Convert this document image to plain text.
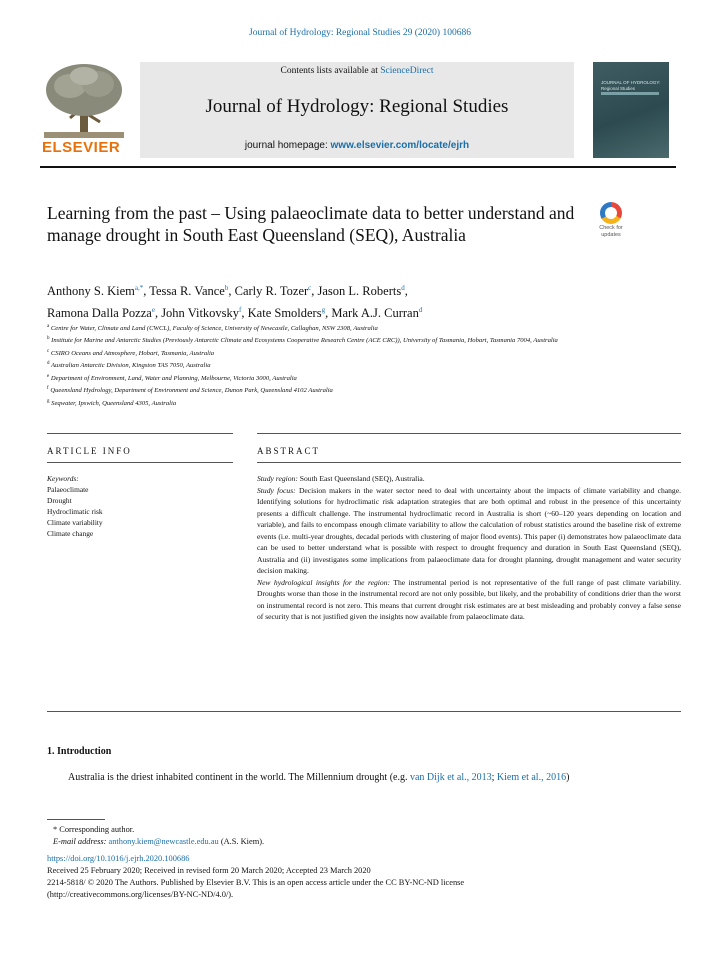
Journal of Hydrology: Regional Studies 29 (2020) 100686
ELSEVIER
Contents lists available at ScienceDirect
Journal of Hydrology: Regional Studies
journal homepage: www.elsevier.com/locate/ejrh
JOURNAL OF HYDROLOGY: Regional Studies
Learning from the past – Using palaeoclimate data to better understand and manage drought in South East Queensland (SEQ), Australia	Check for updates
Anthony S. Kiem$^{a,*}$, Tessa R. Vance$^b$, Carly R. Tozer$^c$, Jason L. Roberts$^d$,
Ramona Dalla Pozza$^e$, John Vitkovsky$^f$, Kate Smolders$^g$, Mark A.J. Curran$^d$
$^a$ Centre for Water, Climate and Land (CWCL), Faculty of Science, University of Newcastle, Callaghan, NSW 2308, Australia
$^b$ Institute for Marine and Antarctic Studies (Previously Antarctic Climate and Ecosystems Cooperative Research Centre (ACE CRC)), University of Tasmania, Hobart, Tasmania 7004, Australia
$^c$ CSIRO Oceans and Atmosphere, Hobart, Tasmania, Australia
$^d$ Australian Antarctic Division, Kingston TAS 7050, Australia
$^e$ Department of Environment, Land, Water and Planning, Melbourne, Victoria 3000, Australia
$^f$ Queensland Hydrology, Department of Environment and Science, Dunon Park, Queensland 4102 Australia
$^g$ Seqwater, Ipswich, Queensland 4305, Australia
ARTICLE INFO	ABSTRACT
Keywords:
Palaeoclimate
Drought
Hydroclimatic risk
Climate variability
Climate change

Study region: South East Queensland (SEQ), Australia.

Study focus: Decision makers in the water sector need to deal with uncertainty about the impacts of climate variability and change. Identifying solutions for hydroclimatic risk adaptation strategies that are both optimal and robust in the presence of this uncertainty presents a difficult challenge. The instrumental hydroclimatic record in Australia is short (~60–120 years depending on location and variable), and fails to encompass enough climate variability to allow the calculation of robust statistics around the baseline risk of extreme events (i.e. multi-year droughts, decadal periods with clustering of major flood events). This paper (i) demonstrates how palaeoclimate data can be used to better understand what is possible with respect to drought frequency and duration in South East Queensland (SEQ), Australia and (ii) investigates some implications from palaeoclimate data for drought planning, drought management and water security decision making.

New hydrological insights for the region: The instrumental period is not representative of the full range of past climate variability. Droughts worse than those in the instrumental record are not only possible, but likely, and the probability of conditions drier than the worst on instrumental record is not zero. This means that current drought risk estimates are at best misleading and probably convey a false sense of security that is not justified given the insights now available from palaeoclimate data.

1. Introduction
Australia is the driest inhabited continent in the world. The Millennium drought (e.g. van Dijk et al., 2013; Kiem et al., 2016)
* Corresponding author.
E-mail address: anthony.kiem@newcastle.edu.au (A.S. Kiem).
https://doi.org/10.1016/j.ejrh.2020.100686
Received 25 February 2020; Received in revised form 20 March 2020; Accepted 23 March 2020
2214-5818/ © 2020 The Authors. Published by Elsevier B.V. This is an open access article under the CC BY-NC-ND license
(http://creativecommons.org/licenses/BY-NC-ND/4.0/).
